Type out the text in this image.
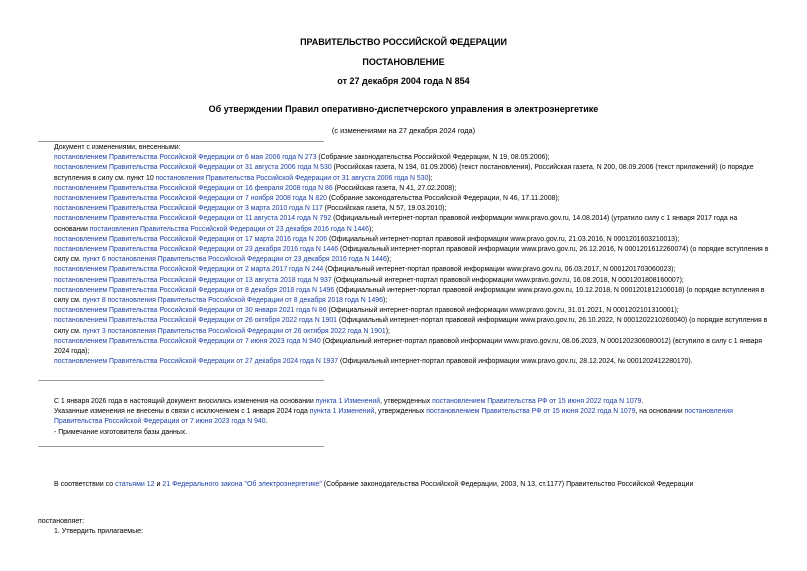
ПРАВИТЕЛЬСТВО РОССИЙСКОЙ ФЕДЕРАЦИИ
ПОСТАНОВЛЕНИЕ
от 27 декабря 2004 года N 854
Об утверждении Правил оперативно-диспетчерского управления в электроэнергетике
(с изменениями на 27 декабря 2024 года)
Документ с изменениями, внесенными:
постановлением Правительства Российской Федерации от 6 мая 2006 года N 273 (Собрание законодательства Российской Федерации, N 19, 08.05.2006);
постановлением Правительства Российской Федерации от 31 августа 2006 года N 530 (Российская газета, N 194, 01.09.2006) (текст постановления), Российская газета, N 200, 08.09.2006 (текст приложений) (о порядке вступления в силу см. пункт 10 постановления Правительства Российской Федерации от 31 августа 2006 года N 530);
постановлением Правительства Российской Федерации от 16 февраля 2008 года N 86 (Российская газета, N 41, 27.02.2008);
постановлением Правительства Российской Федерации от 7 ноября 2008 года N 820 (Собрание законодательства Российской Федерации, N 46, 17.11.2008);
постановлением Правительства Российской Федерации от 3 марта 2010 года N 117 (Российская газета, N 57, 19.03.2010);
постановлением Правительства Российской Федерации от 11 августа 2014 года N 792 (Официальный интернет-портал правовой информации www.pravo.gov.ru, 14.08.2014) (утратило силу с 1 января 2017 года на основании постановления Правительства Российской Федерации от 23 декабря 2016 года N 1446);
постановлением Правительства Российской Федерации от 17 марта 2016 года N 206 (Официальный интернет-портал правовой информации www.pravo.gov.ru, 21.03.2016, N 0001201603210013);
постановлением Правительства Российской Федерации от 23 декабря 2016 года N 1446 (Официальный интернет-портал правовой информации www.pravo.gov.ru, 26.12.2016, N 0001201612260074) (о порядке вступления в силу см. пункт 6 постановления Правительства Российской Федерации от 23 декабря 2016 года N 1446);
постановлением Правительства Российской Федерации от 2 марта 2017 года N 244 (Официальный интернет-портал правовой информации www.pravo.gov.ru, 06.03.2017, N 0001201703060023);
постановлением Правительства Российской Федерации от 13 августа 2018 года N 937 (Официальный интернет-портал правовой информации www.pravo.gov.ru, 16.08.2018, N 0001201808160007);
постановлением Правительства Российской Федерации от 8 декабря 2018 года N 1496 (Официальный интернет-портал правовой информации www.pravo.gov.ru, 10.12.2018, N 0001201812100018) (о порядке вступления в силу см. пункт 8 постановления Правительства Российской Федерации от 8 декабря 2018 года N 1496);
постановлением Правительства Российской Федерации от 30 января 2021 года N 86 (Официальный интернет-портал правовой информации www.pravo.gov.ru, 31.01.2021, N 0001202101310001);
постановлением Правительства Российской Федерации от 26 октября 2022 года N 1901 (Официальный интернет-портал правовой информации www.pravo.gov.ru, 26.10.2022, N 0001202210260040) (о порядке вступления в силу см. пункт 3 постановления Правительства Российской Федерации от 26 октября 2022 года N 1901);
постановлением Правительства Российской Федерации от 7 июня 2023 года N 940 (Официальный интернет-портал правовой информации www.pravo.gov.ru, 08.06.2023, N 0001202306080012) (вступило в силу с 1 января 2024 года);
постановлением Правительства Российской Федерации от 27 декабря 2024 года N 1937 (Официальный интернет-портал правовой информации www.pravo.gov.ru, 28.12.2024, № 0001202412280170).
С 1 января 2026 года в настоящий документ вносились изменения на основании пункта 1 Изменений, утвержденных постановлением Правительства РФ от 15 июня 2022 года N 1079.
Указанные изменения не внесены в связи с исключением с 1 января 2024 года пункта 1 Изменений, утвержденных постановлением Правительства РФ от 15 июня 2022 года N 1079, на основании постановления Правительства Российской Федерации от 7 июня 2023 года N 940.
- Примечание изготовителя базы данных.
В соответствии со статьями 12 и 21 Федерального закона "Об электроэнергетике" (Собрание законодательства Российской Федерации, 2003, N 13, ст.1177) Правительство Российской Федерации
постановляет:
1. Утвердить прилагаемые:
